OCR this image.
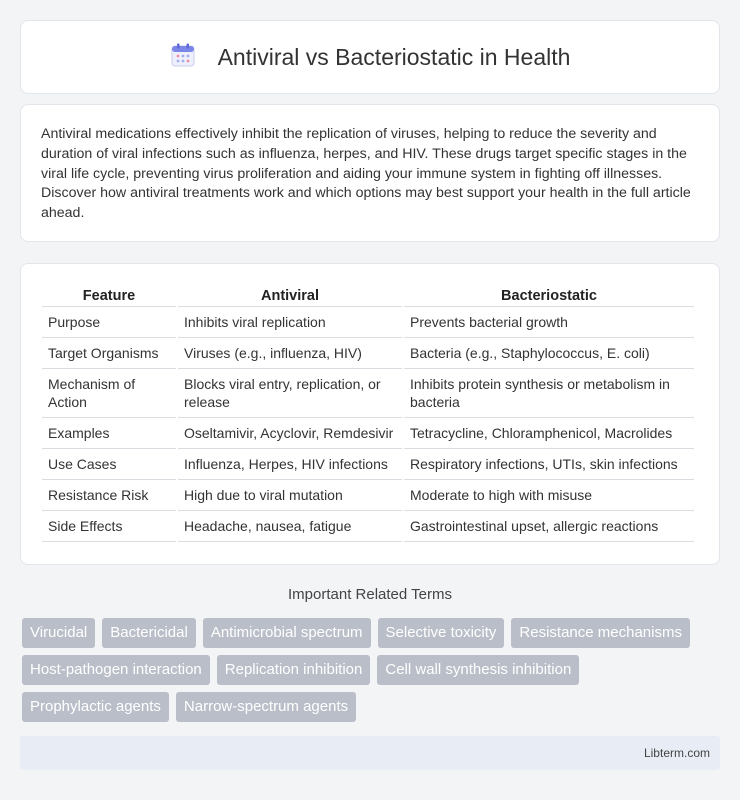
Antiviral vs Bacteriostatic in Health

Antiviral medications effectively inhibit the replication of viruses, helping to reduce the severity and duration of viral infections such as influenza, herpes, and HIV. These drugs target specific stages in the viral life cycle, preventing virus proliferation and aiding your immune system in fighting off illnesses. Discover how antiviral treatments work and which options may best support your health in the full article ahead.

Feature	Antiviral	Bacteriostatic
Purpose	Inhibits viral replication	Prevents bacterial growth
Target Organisms	Viruses (e.g., influenza, HIV)	Bacteria (e.g., Staphylococcus, E. coli)
Mechanism of Action	Blocks viral entry, replication, or release	Inhibits protein synthesis or metabolism in bacteria
Examples	Oseltamivir, Acyclovir, Remdesivir	Tetracycline, Chloramphenicol, Macrolides
Use Cases	Influenza, Herpes, HIV infections	Respiratory infections, UTIs, skin infections
Resistance Risk	High due to viral mutation	Moderate to high with misuse
Side Effects	Headache, nausea, fatigue	Gastrointestinal upset, allergic reactions
Important Related Terms
Virucidal	Bactericidal	Antimicrobial spectrum	Selective toxicity	Resistance mechanisms
Host-pathogen interaction	Replication inhibition	Cell wall synthesis inhibition
Prophylactic agents	Narrow-spectrum agents
Libterm.com
